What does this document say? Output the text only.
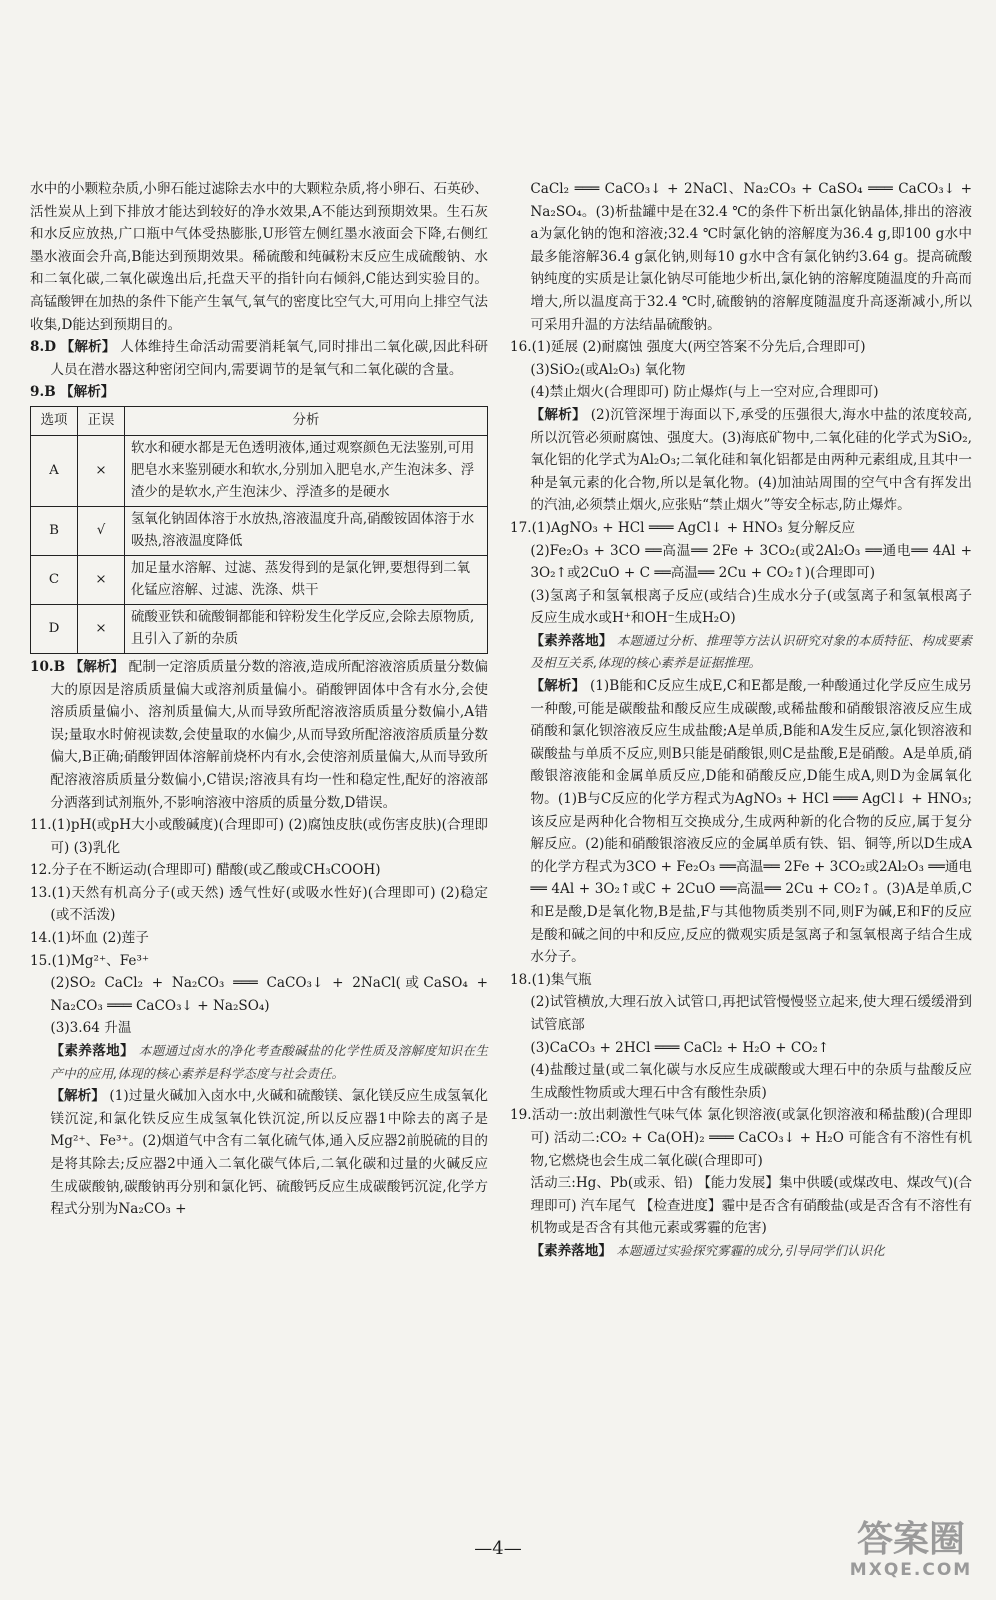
水中的小颗粒杂质,小卵石能过滤除去水中的大颗粒杂质,将小卵石、石英砂、活性炭从上到下排放才能达到较好的净水效果,A不能达到预期效果。生石灰和水反应放热,广口瓶中气体受热膨胀,U形管左侧红墨水液面会下降,右侧红墨水液面会升高,B能达到预期效果。稀硫酸和纯碱粉末反应生成硫酸钠、水和二氧化碳,二氧化碳逸出后,托盘天平的指针向右倾斜,C能达到实验目的。高锰酸钾在加热的条件下能产生氧气,氧气的密度比空气大,可用向上排空气法收集,D能达到预期目的。

8.D 【解析】 人体维持生命活动需要消耗氧气,同时排出二氧化碳,因此科研人员在潜水器这种密闭空间内,需要调节的是氧气和二氧化碳的含量。

9.B 【解析】

选项	正误	分析
A	×	软水和硬水都是无色透明液体,通过观察颜色无法鉴别,可用肥皂水来鉴别硬水和软水,分别加入肥皂水,产生泡沫多、浮渣少的是软水,产生泡沫少、浮渣多的是硬水
B	√	氢氧化钠固体溶于水放热,溶液温度升高,硝酸铵固体溶于水吸热,溶液温度降低
C	×	加足量水溶解、过滤、蒸发得到的是氯化钾,要想得到二氧化锰应溶解、过滤、洗涤、烘干
D	×	硫酸亚铁和硫酸铜都能和锌粉发生化学反应,会除去原物质,且引入了新的杂质

10.B 【解析】 配制一定溶质质量分数的溶液,造成所配溶液溶质质量分数偏大的原因是溶质质量偏大或溶剂质量偏小。硝酸钾固体中含有水分,会使溶质质量偏小、溶剂质量偏大,从而导致所配溶液溶质质量分数偏小,A错误;量取水时俯视读数,会使量取的水偏少,从而导致所配溶液溶质质量分数偏大,B正确;硝酸钾固体溶解前烧杯内有水,会使溶剂质量偏大,从而导致所配溶液溶质质量分数偏小,C错误;溶液具有均一性和稳定性,配好的溶液部分洒落到试剂瓶外,不影响溶液中溶质的质量分数,D错误。

11.(1)pH(或pH大小或酸碱度)(合理即可) (2)腐蚀皮肤(或伤害皮肤)(合理即可) (3)乳化

12.分子在不断运动(合理即可) 醋酸(或乙酸或CH₃COOH)

13.(1)天然有机高分子(或天然) 透气性好(或吸水性好)(合理即可) (2)稳定(或不活泼)

14.(1)坏血 (2)莲子

15.(1)Mg²⁺、Fe³⁺

(2)SO₂ CaCl₂ + Na₂CO₃ ═══ CaCO₃↓ + 2NaCl(或CaSO₄ + Na₂CO₃ ═══ CaCO₃↓ + Na₂SO₄)

(3)3.64 升温

【素养落地】 本题通过卤水的净化考查酸碱盐的化学性质及溶解度知识在生产中的应用,体现的核心素养是科学态度与社会责任。

【解析】 (1)过量火碱加入卤水中,火碱和硫酸镁、氯化镁反应生成氢氧化镁沉淀,和氯化铁反应生成氢氧化铁沉淀,所以反应器1中除去的离子是Mg²⁺、Fe³⁺。(2)烟道气中含有二氧化硫气体,通入反应器2前脱硫的目的是将其除去;反应器2中通入二氧化碳气体后,二氧化碳和过量的火碱反应生成碳酸钠,碳酸钠再分别和氯化钙、硫酸钙反应生成碳酸钙沉淀,化学方程式分别为Na₂CO₃ +

CaCl₂ ═══ CaCO₃↓ + 2NaCl、Na₂CO₃ + CaSO₄ ═══ CaCO₃↓ + Na₂SO₄。(3)析盐罐中是在32.4 ℃的条件下析出氯化钠晶体,排出的溶液a为氯化钠的饱和溶液;32.4 ℃时氯化钠的溶解度为36.4 g,即100 g水中最多能溶解36.4 g氯化钠,则每10 g水中含有氯化钠约3.64 g。提高硫酸钠纯度的实质是让氯化钠尽可能地少析出,氯化钠的溶解度随温度的升高而增大,所以温度高于32.4 ℃时,硫酸钠的溶解度随温度升高逐渐减小,所以可采用升温的方法结晶硫酸钠。

16.(1)延展 (2)耐腐蚀 强度大(两空答案不分先后,合理即可)

(3)SiO₂(或Al₂O₃) 氧化物

(4)禁止烟火(合理即可) 防止爆炸(与上一空对应,合理即可)

【解析】 (2)沉管深埋于海面以下,承受的压强很大,海水中盐的浓度较高,所以沉管必须耐腐蚀、强度大。(3)海底矿物中,二氧化硅的化学式为SiO₂,氧化铝的化学式为Al₂O₃;二氧化硅和氧化铝都是由两种元素组成,且其中一种是氧元素的化合物,所以是氧化物。(4)加油站周围的空气中含有挥发出的汽油,必须禁止烟火,应张贴“禁止烟火”等安全标志,防止爆炸。

17.(1)AgNO₃ + HCl ═══ AgCl↓ + HNO₃ 复分解反应

(2)Fe₂O₃ + 3CO ══高温══ 2Fe + 3CO₂(或2Al₂O₃ ══通电══ 4Al + 3O₂↑或2CuO + C ══高温══ 2Cu + CO₂↑)(合理即可)

(3)氢离子和氢氧根离子反应(或结合)生成水分子(或氢离子和氢氧根离子反应生成水或H⁺和OH⁻生成H₂O)

【素养落地】 本题通过分析、推理等方法认识研究对象的本质特征、构成要素及相互关系,体现的核心素养是证据推理。

【解析】 (1)B能和C反应生成E,C和E都是酸,一种酸通过化学反应生成另一种酸,可能是碳酸盐和酸反应生成碳酸,或稀盐酸和硝酸银溶液反应生成硝酸和氯化钡溶液反应生成盐酸;A是单质,B能和A发生反应,氯化钡溶液和碳酸盐与单质不反应,则B只能是硝酸银,则C是盐酸,E是硝酸。A是单质,硝酸银溶液能和金属单质反应,D能和硝酸反应,D能生成A,则D为金属氧化物。(1)B与C反应的化学方程式为AgNO₃ + HCl ═══ AgCl↓ + HNO₃;该反应是两种化合物相互交换成分,生成两种新的化合物的反应,属于复分解反应。(2)能和硝酸银溶液反应的金属单质有铁、铝、铜等,所以D生成A的化学方程式为3CO + Fe₂O₃ ══高温══ 2Fe + 3CO₂或2Al₂O₃ ══通电══ 4Al + 3O₂↑或C + 2CuO ══高温══ 2Cu + CO₂↑。(3)A是单质,C和E是酸,D是氧化物,B是盐,F与其他物质类别不同,则F为碱,E和F的反应是酸和碱之间的中和反应,反应的微观实质是氢离子和氢氧根离子结合生成水分子。

18.(1)集气瓶

(2)试管横放,大理石放入试管口,再把试管慢慢竖立起来,使大理石缓缓滑到试管底部

(3)CaCO₃ + 2HCl ═══ CaCl₂ + H₂O + CO₂↑

(4)盐酸过量(或二氧化碳与水反应生成碳酸或大理石中的杂质与盐酸反应生成酸性物质或大理石中含有酸性杂质)

19.活动一:放出刺激性气味气体 氯化钡溶液(或氯化钡溶液和稀盐酸)(合理即可) 活动二:CO₂ + Ca(OH)₂ ═══ CaCO₃↓ + H₂O 可能含有不溶性有机物,它燃烧也会生成二氧化碳(合理即可)

活动三:Hg、Pb(或汞、铅) 【能力发展】集中供暖(或煤改电、煤改气)(合理即可) 汽车尾气 【检查进度】霾中是否含有硝酸盐(或是否含有不溶性有机物或是否含有其他元素或雾霾的危害)

【素养落地】 本题通过实验探究雾霾的成分,引导同学们认识化

—4—	答案圈
MXQE.COM
